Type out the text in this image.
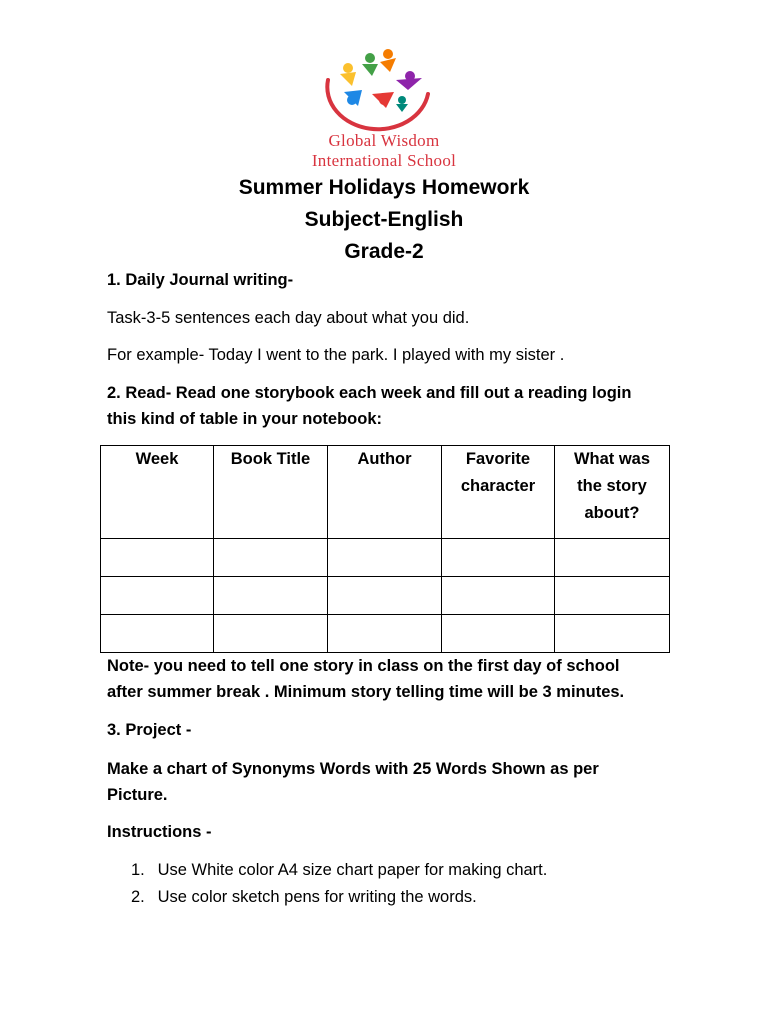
Global Wisdom
International School
Summer Holidays Homework
Subject-English
Grade-2
1. Daily Journal writing-
Task-3-5 sentences each day about what you did.
For example- Today I went to the park. I played with my sister .
2. Read- Read one storybook each week and fill out a reading login
this kind of table in your notebook:
Week	Book Title	Author	Favorite character	What was the story about?

Note- you need to tell one story in class on the first day of school
after summer break . Minimum story telling time will be 3 minutes.
3. Project -
Make a chart of Synonyms Words with 25 Words Shown as per
Picture.
Instructions -
1. Use White color A4 size chart paper for making chart.
2. Use color sketch pens for writing the words.
